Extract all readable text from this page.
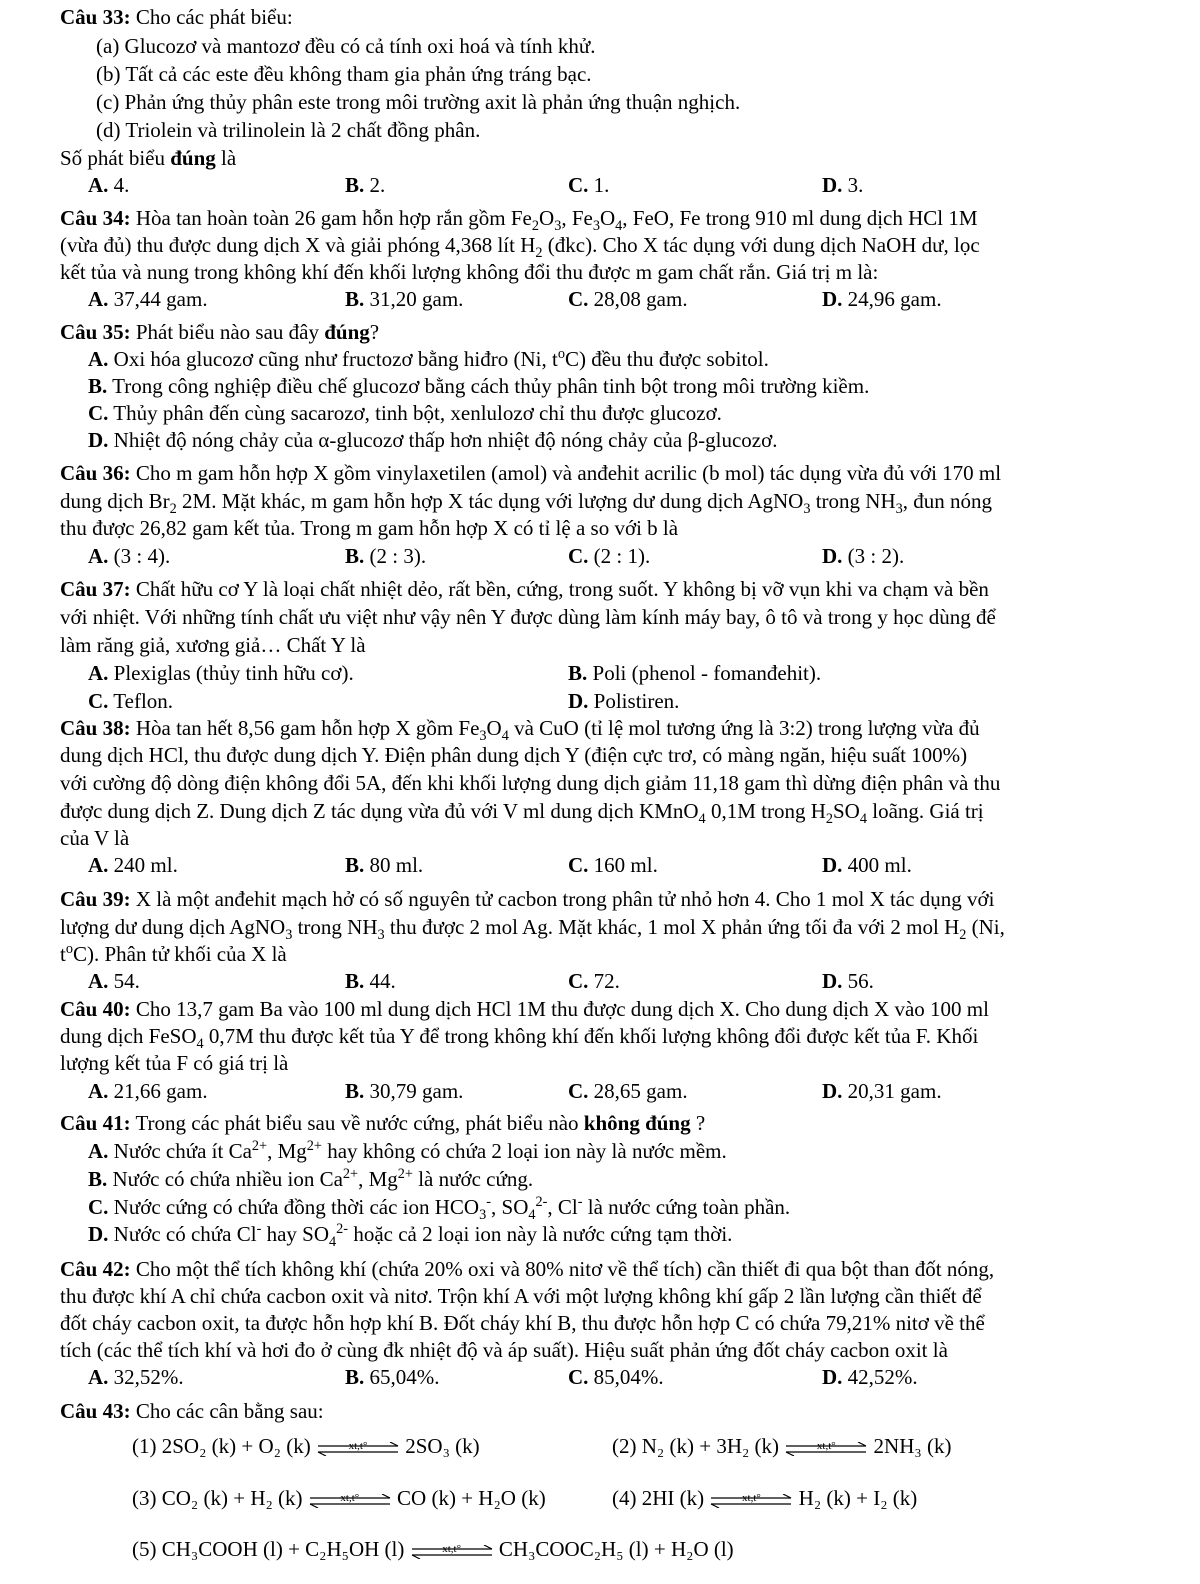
Câu 33: Cho các phát biểu:
(a) Glucozơ và mantozơ đều có cả tính oxi hoá và tính khử.
(b) Tất cả các este đều không tham gia phản ứng tráng bạc.
(c) Phản ứng thủy phân este trong môi trường axit là phản ứng thuận nghịch.
(d) Triolein và trilinolein là 2 chất đồng phân.
Số phát biểu đúng là
A. 4.	B. 2.	C. 1.	D. 3.
Câu 34: Hòa tan hoàn toàn 26 gam hỗn hợp rắn gồm $Fe_2O_3$, $Fe_3O_4$, FeO, Fe trong 910 ml dung dịch HCl 1M
(vừa đủ) thu được dung dịch X và giải phóng 4,368 lít $H_2$ (đkc). Cho X tác dụng với dung dịch NaOH dư, lọc
kết tủa và nung trong không khí đến khối lượng không đổi thu được m gam chất rắn. Giá trị m là:
A. 37,44 gam.	B. 31,20 gam.	C. 28,08 gam.	D. 24,96 gam.
Câu 35: Phát biểu nào sau đây đúng?
A. Oxi hóa glucozơ cũng như fructozơ bằng hiđro (Ni, $t^oC$) đều thu được sobitol.
B. Trong công nghiệp điều chế glucozơ bằng cách thủy phân tinh bột trong môi trường kiềm.
C. Thủy phân đến cùng sacarozơ, tinh bột, xenlulozơ chỉ thu được glucozơ.
D. Nhiệt độ nóng chảy của α-glucozơ thấp hơn nhiệt độ nóng chảy của β-glucozơ.
Câu 36: Cho m gam hỗn hợp X gồm vinylaxetilen (amol) và anđehit acrilic (b mol) tác dụng vừa đủ với 170 ml
dung dịch $Br_2$ 2M. Mặt khác, m gam hỗn hợp X tác dụng với lượng dư dung dịch AgNO$_3$ trong $NH_3$, đun nóng
thu được 26,82 gam kết tủa. Trong m gam hỗn hợp X có tỉ lệ a so với b là
A. (3 : 4).	B. (2 : 3).	C. (2 : 1).	D. (3 : 2).
Câu 37: Chất hữu cơ Y là loại chất nhiệt dẻo, rất bền, cứng, trong suốt. Y không bị vỡ vụn khi va chạm và bền
với nhiệt. Với những tính chất ưu việt như vậy nên Y được dùng làm kính máy bay, ô tô và trong y học dùng để
làm răng giả, xương giả… Chất Y là
A. Plexiglas (thủy tinh hữu cơ).	B. Poli (phenol - fomanđehit).
C. Teflon.	D. Polistiren.
Câu 38: Hòa tan hết 8,56 gam hỗn hợp X gồm $Fe_3O_4$ và CuO (tỉ lệ mol tương ứng là 3:2) trong lượng vừa đủ
dung dịch HCl, thu được dung dịch Y. Điện phân dung dịch Y (điện cực trơ, có màng ngăn, hiệu suất 100%)
với cường độ dòng điện không đổi 5A, đến khi khối lượng dung dịch giảm 11,18 gam thì dừng điện phân và thu
được dung dịch Z. Dung dịch Z tác dụng vừa đủ với V ml dung dịch KMnO$_4$ 0,1M trong $H_2SO_4$ loãng. Giá trị
của V là
A. 240 ml.	B. 80 ml.	C. 160 ml.	D. 400 ml.
Câu 39: X là một anđehit mạch hở có số nguyên tử cacbon trong phân tử nhỏ hơn 4. Cho 1 mol X tác dụng với
lượng dư dung dịch AgNO$_3$ trong $NH_3$ thu được 2 mol Ag. Mặt khác, 1 mol X phản ứng tối đa với 2 mol $H_2$ (Ni,
$t^oC$). Phân tử khối của X là
A. 54.	B. 44.	C. 72.	D. 56.
Câu 40: Cho 13,7 gam Ba vào 100 ml dung dịch HCl 1M thu được dung dịch X. Cho dung dịch X vào 100 ml
dung dịch FeSO$_4$ 0,7M thu được kết tủa Y để trong không khí đến khối lượng không đổi được kết tủa F. Khối
lượng kết tủa F có giá trị là
A. 21,66 gam.	B. 30,79 gam.	C. 28,65 gam.	D. 20,31 gam.
Câu 41: Trong các phát biểu sau về nước cứng, phát biểu nào không đúng ?
A. Nước chứa ít $Ca^{2+}$, $Mg^{2+}$ hay không có chứa 2 loại ion này là nước mềm.
B. Nước có chứa nhiều ion $Ca^{2+}$, $Mg^{2+}$ là nước cứng.
C. Nước cứng có chứa đồng thời các ion $HCO_3^-$, $SO_4^{2-}$, Cl- là nước cứng toàn phần.
D. Nước có chứa Cl- hay $SO_4^{2-}$ hoặc cả 2 loại ion này là nước cứng tạm thời.
Câu 42: Cho một thể tích không khí (chứa 20% oxi và 80% nitơ về thể tích) cần thiết đi qua bột than đốt nóng,
thu được khí A chỉ chứa cacbon oxit và nitơ. Trộn khí A với một lượng không khí gấp 2 lần lượng cần thiết để
đốt cháy cacbon oxit, ta được hỗn hợp khí B. Đốt cháy khí B, thu được hỗn hợp C có chứa 79,21% nitơ về thể
tích (các thể tích khí và hơi đo ở cùng đk nhiệt độ và áp suất). Hiệu suất phản ứng đốt cháy cacbon oxit là
A. 32,52%.	B. 65,04%.	C. 85,04%.	D. 42,52%.
Câu 43: Cho các cân bằng sau:
(1) 2SO₂ (k) + O₂ (k)	xt,t°	2SO₃ (k)	(2) N₂ (k) + 3H₂ (k)	xt,t°	2NH₃ (k)
(3) CO₂ (k) + H₂ (k)	xt,t°	CO (k) + H₂O (k)	(4) 2HI (k)	xt,t°	H₂ (k) + I₂ (k)
(5) CH₃COOH (l) + C₂H₅OH (l)	xt,t°	CH₃COOC₂H₅ (l) + H₂O (l)
